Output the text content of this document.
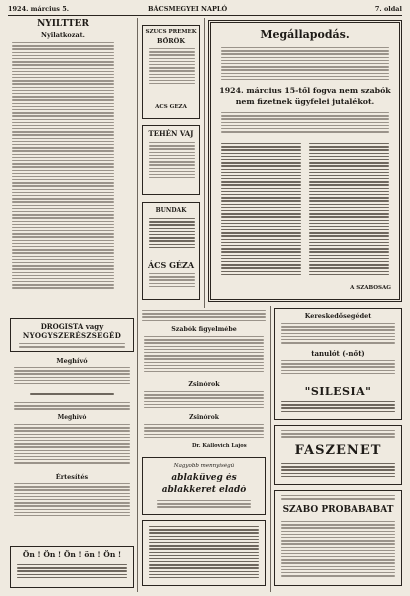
1924. március 5.	BÁCSMEGYEI NAPLÓ	7. oldal
NYILTTÉR
Nyilatkozat.
DROGISTA vagy
NYOGYSZERÉSZSEGÉD
Meghívó
Meghívó
Értesítés
Ön ! Ön ! Ön ! ön ! Ön !
SZŰCS PRÉMEK
BŐRÖK
ÁCS GÉZA
TEHÉN VAJ
BUNDÁK
ÁCS GÉZA
Megállapodás.
1924. március 15-től fogva nem szabók
nem fizetnek ügyfelei jutalékot.
A SZABÓSÁG
Szabók figyelmébe
Zsinórok
Zsinórok
Dr. Kállovich Lajos
Nagyobb mennyiségű
ablaküveg és
ablakkeret eladó
Kereskedősegédet
tanulót (-nőt)
"SILESIA"
FASZENET
SZABÓ PRÓBABABÁT
